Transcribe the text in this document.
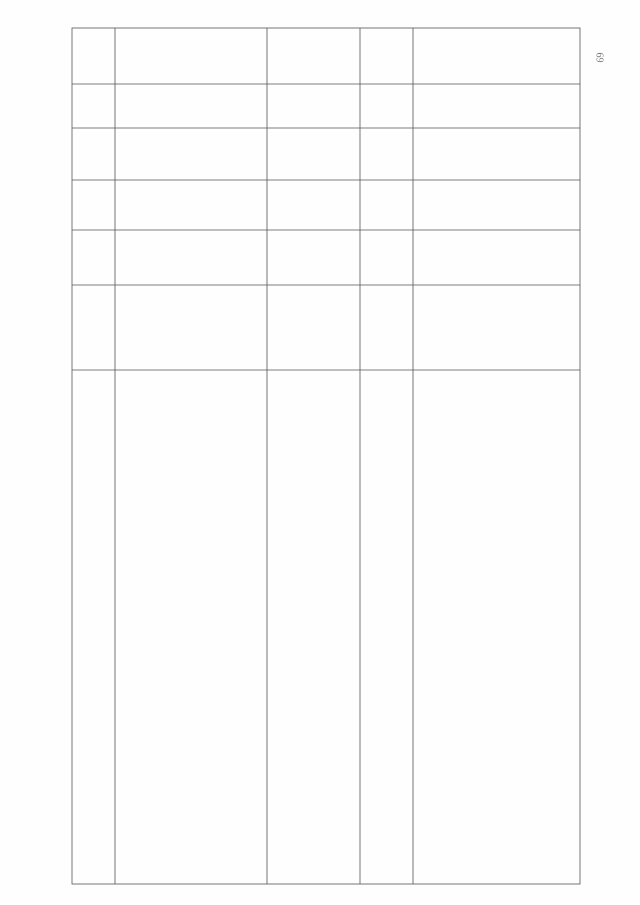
69
